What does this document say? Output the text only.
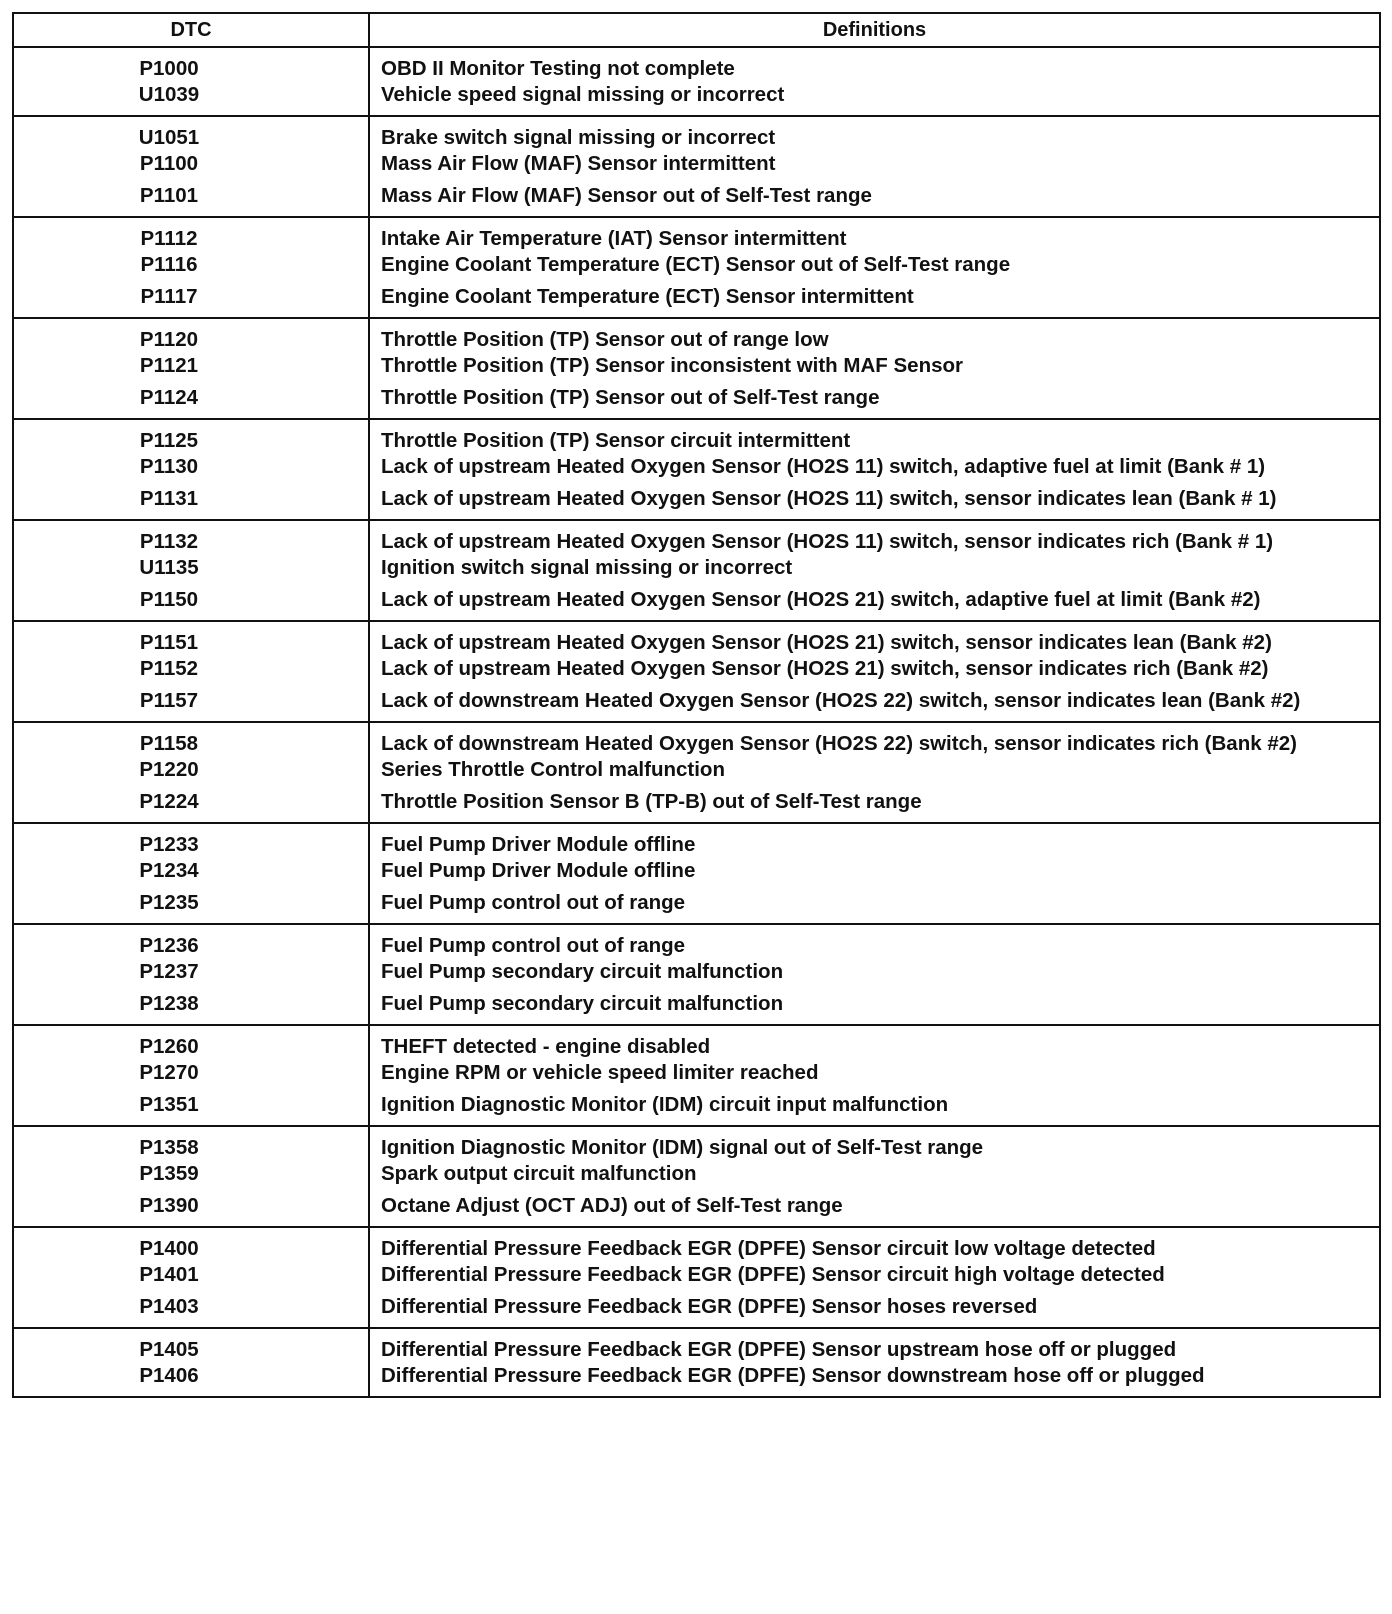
DTC	Definitions
P1000	OBD II Monitor Testing not complete
U1039	Vehicle speed signal missing or incorrect
U1051	Brake switch signal missing or incorrect
P1100	Mass Air Flow (MAF) Sensor intermittent
P1101	Mass Air Flow (MAF) Sensor out of Self-Test range
P1112	Intake Air Temperature (IAT) Sensor intermittent
P1116	Engine Coolant Temperature (ECT) Sensor out of Self-Test range
P1117	Engine Coolant Temperature (ECT) Sensor intermittent
P1120	Throttle Position (TP) Sensor out of range low
P1121	Throttle Position (TP) Sensor inconsistent with MAF Sensor
P1124	Throttle Position (TP) Sensor out of Self-Test range
P1125	Throttle Position (TP) Sensor circuit intermittent
P1130	Lack of upstream Heated Oxygen Sensor (HO2S 11) switch, adaptive fuel at limit (Bank # 1)
P1131	Lack of upstream Heated Oxygen Sensor (HO2S 11) switch, sensor indicates lean (Bank # 1)
P1132	Lack of upstream Heated Oxygen Sensor (HO2S 11) switch, sensor indicates rich (Bank # 1)
U1135	Ignition switch signal missing or incorrect
P1150	Lack of upstream Heated Oxygen Sensor (HO2S 21) switch, adaptive fuel at limit (Bank #2)
P1151	Lack of upstream Heated Oxygen Sensor (HO2S 21) switch, sensor indicates lean (Bank #2)
P1152	Lack of upstream Heated Oxygen Sensor (HO2S 21) switch, sensor indicates rich (Bank #2)
P1157	Lack of downstream Heated Oxygen Sensor (HO2S 22) switch, sensor indicates lean (Bank #2)
P1158	Lack of downstream Heated Oxygen Sensor (HO2S 22) switch, sensor indicates rich (Bank #2)
P1220	Series Throttle Control malfunction
P1224	Throttle Position Sensor B (TP-B) out of Self-Test range
P1233	Fuel Pump Driver Module offline
P1234	Fuel Pump Driver Module offline
P1235	Fuel Pump control out of range
P1236	Fuel Pump control out of range
P1237	Fuel Pump secondary circuit malfunction
P1238	Fuel Pump secondary circuit malfunction
P1260	THEFT detected - engine disabled
P1270	Engine RPM or vehicle speed limiter reached
P1351	Ignition Diagnostic Monitor (IDM) circuit input malfunction
P1358	Ignition Diagnostic Monitor (IDM) signal out of Self-Test range
P1359	Spark output circuit malfunction
P1390	Octane Adjust (OCT ADJ) out of Self-Test range
P1400	Differential Pressure Feedback EGR (DPFE) Sensor circuit low voltage detected
P1401	Differential Pressure Feedback EGR (DPFE) Sensor circuit high voltage detected
P1403	Differential Pressure Feedback EGR (DPFE) Sensor hoses reversed
P1405	Differential Pressure Feedback EGR (DPFE) Sensor upstream hose off or plugged
P1406	Differential Pressure Feedback EGR (DPFE) Sensor downstream hose off or plugged
